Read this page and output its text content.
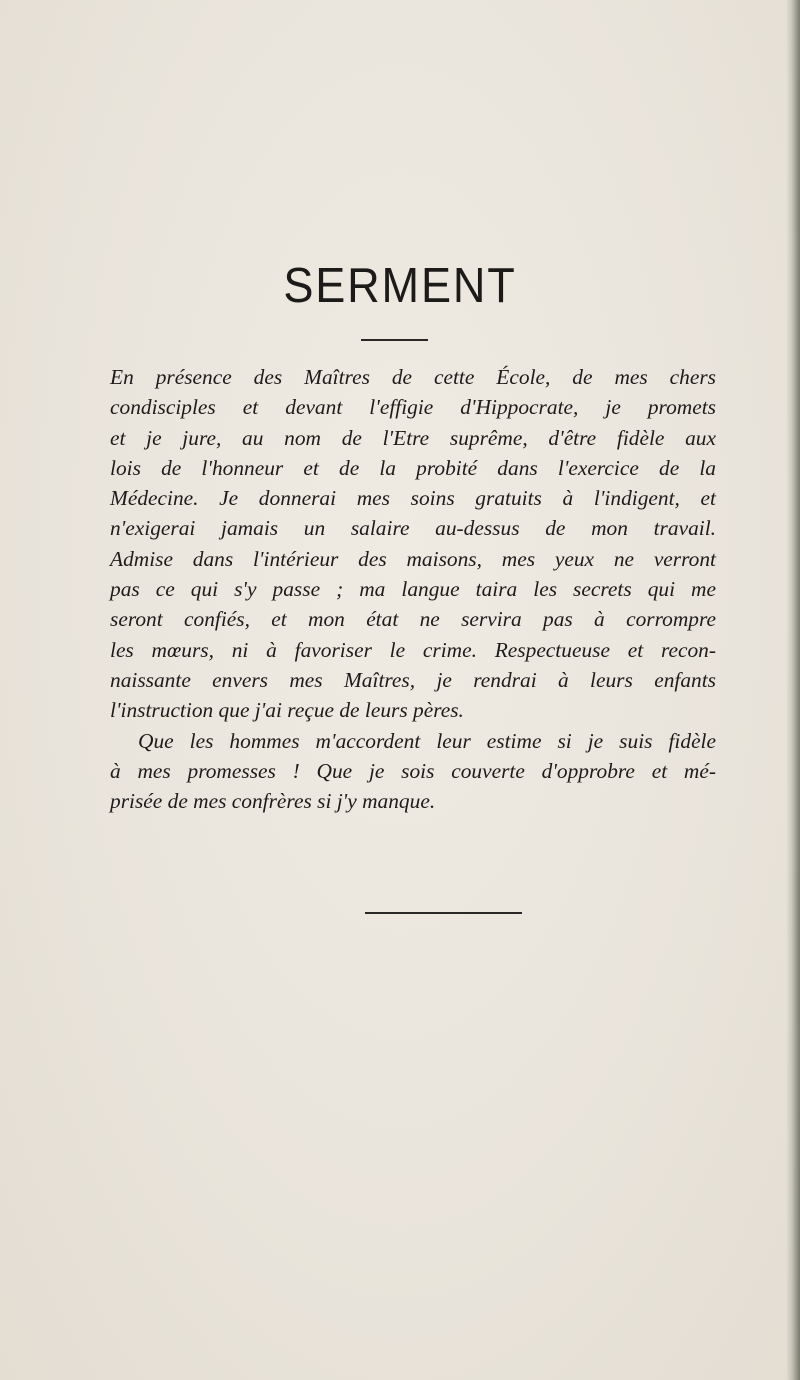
SERMENT
En présence des Maîtres de cette École, de mes chers
condisciples et devant l'effigie d'Hippocrate, je promets
et je jure, au nom de l'Etre suprême, d'être fidèle aux
lois de l'honneur et de la probité dans l'exercice de la
Médecine. Je donnerai mes soins gratuits à l'indigent, et
n'exigerai jamais un salaire au-dessus de mon travail.
Admise dans l'intérieur des maisons, mes yeux ne verront
pas ce qui s'y passe ; ma langue taira les secrets qui me
seront confiés, et mon état ne servira pas à corrompre
les mœurs, ni à favoriser le crime. Respectueuse et recon-
naissante envers mes Maîtres, je rendrai à leurs enfants
l'instruction que j'ai reçue de leurs pères.
Que les hommes m'accordent leur estime si je suis fidèle
à mes promesses ! Que je sois couverte d'opprobre et mé-
prisée de mes confrères si j'y manque.
